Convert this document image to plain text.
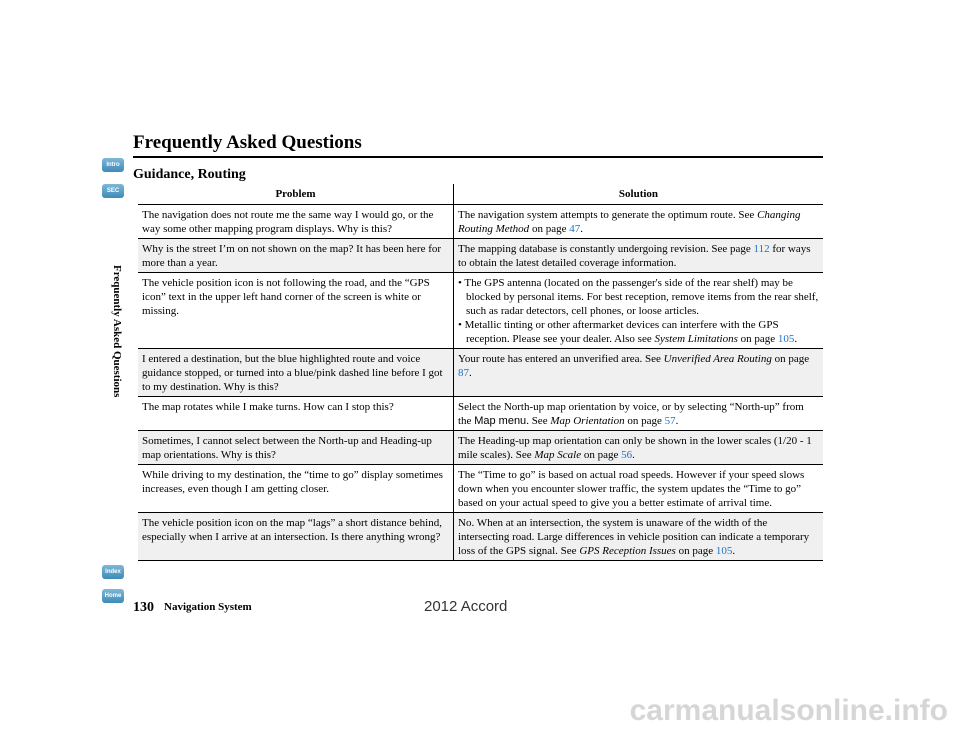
Intro
SEC
Index
Home
Frequently Asked Questions
Frequently Asked Questions
Guidance, Routing
Problem	Solution
The navigation does not route me the same way I would go, or the way some other mapping program displays. Why is this?	The navigation system attempts to generate the optimum route. See Changing Routing Method on page 47.
Why is the street I’m on not shown on the map? It has been here for more than a year.	The mapping database is constantly undergoing revision. See page 112 for ways to obtain the latest detailed coverage information.
The vehicle position icon is not following the road, and the “GPS icon” text in the upper left hand corner of the screen is white or missing.	• The GPS antenna (located on the passenger's side of the rear shelf) may be blocked by personal items. For best reception, remove items from the rear shelf, such as radar detectors, cell phones, or loose articles.
• Metallic tinting or other aftermarket devices can interfere with the GPS reception. Please see your dealer. Also see System Limitations on page 105.

I entered a destination, but the blue highlighted route and voice guidance stopped, or turned into a blue/pink dashed line before I got to my destination. Why is this?	Your route has entered an unverified area. See Unverified Area Routing on page 87.
The map rotates while I make turns. How can I stop this?	Select the North-up map orientation by voice, or by selecting “North-up” from the Map menu. See Map Orientation on page 57.
Sometimes, I cannot select between the North-up and Heading-up map orientations. Why is this?	The Heading-up map orientation can only be shown in the lower scales (1/20 - 1 mile scales). See Map Scale on page 56.
While driving to my destination, the “time to go” display sometimes increases, even though I am getting closer.	The “Time to go” is based on actual road speeds. However if your speed slows down when you encounter slower traffic, the system updates the “Time to go” based on your actual speed to give you a better estimate of arrival time.
The vehicle position icon on the map “lags” a short distance behind, especially when I arrive at an intersection. Is there anything wrong?	No. When at an intersection, the system is unaware of the width of the intersecting road. Large differences in vehicle position can indicate a temporary loss of the GPS signal. See GPS Reception Issues on page 105.
130 Navigation System	2012 Accord
carmanualsonline.info
